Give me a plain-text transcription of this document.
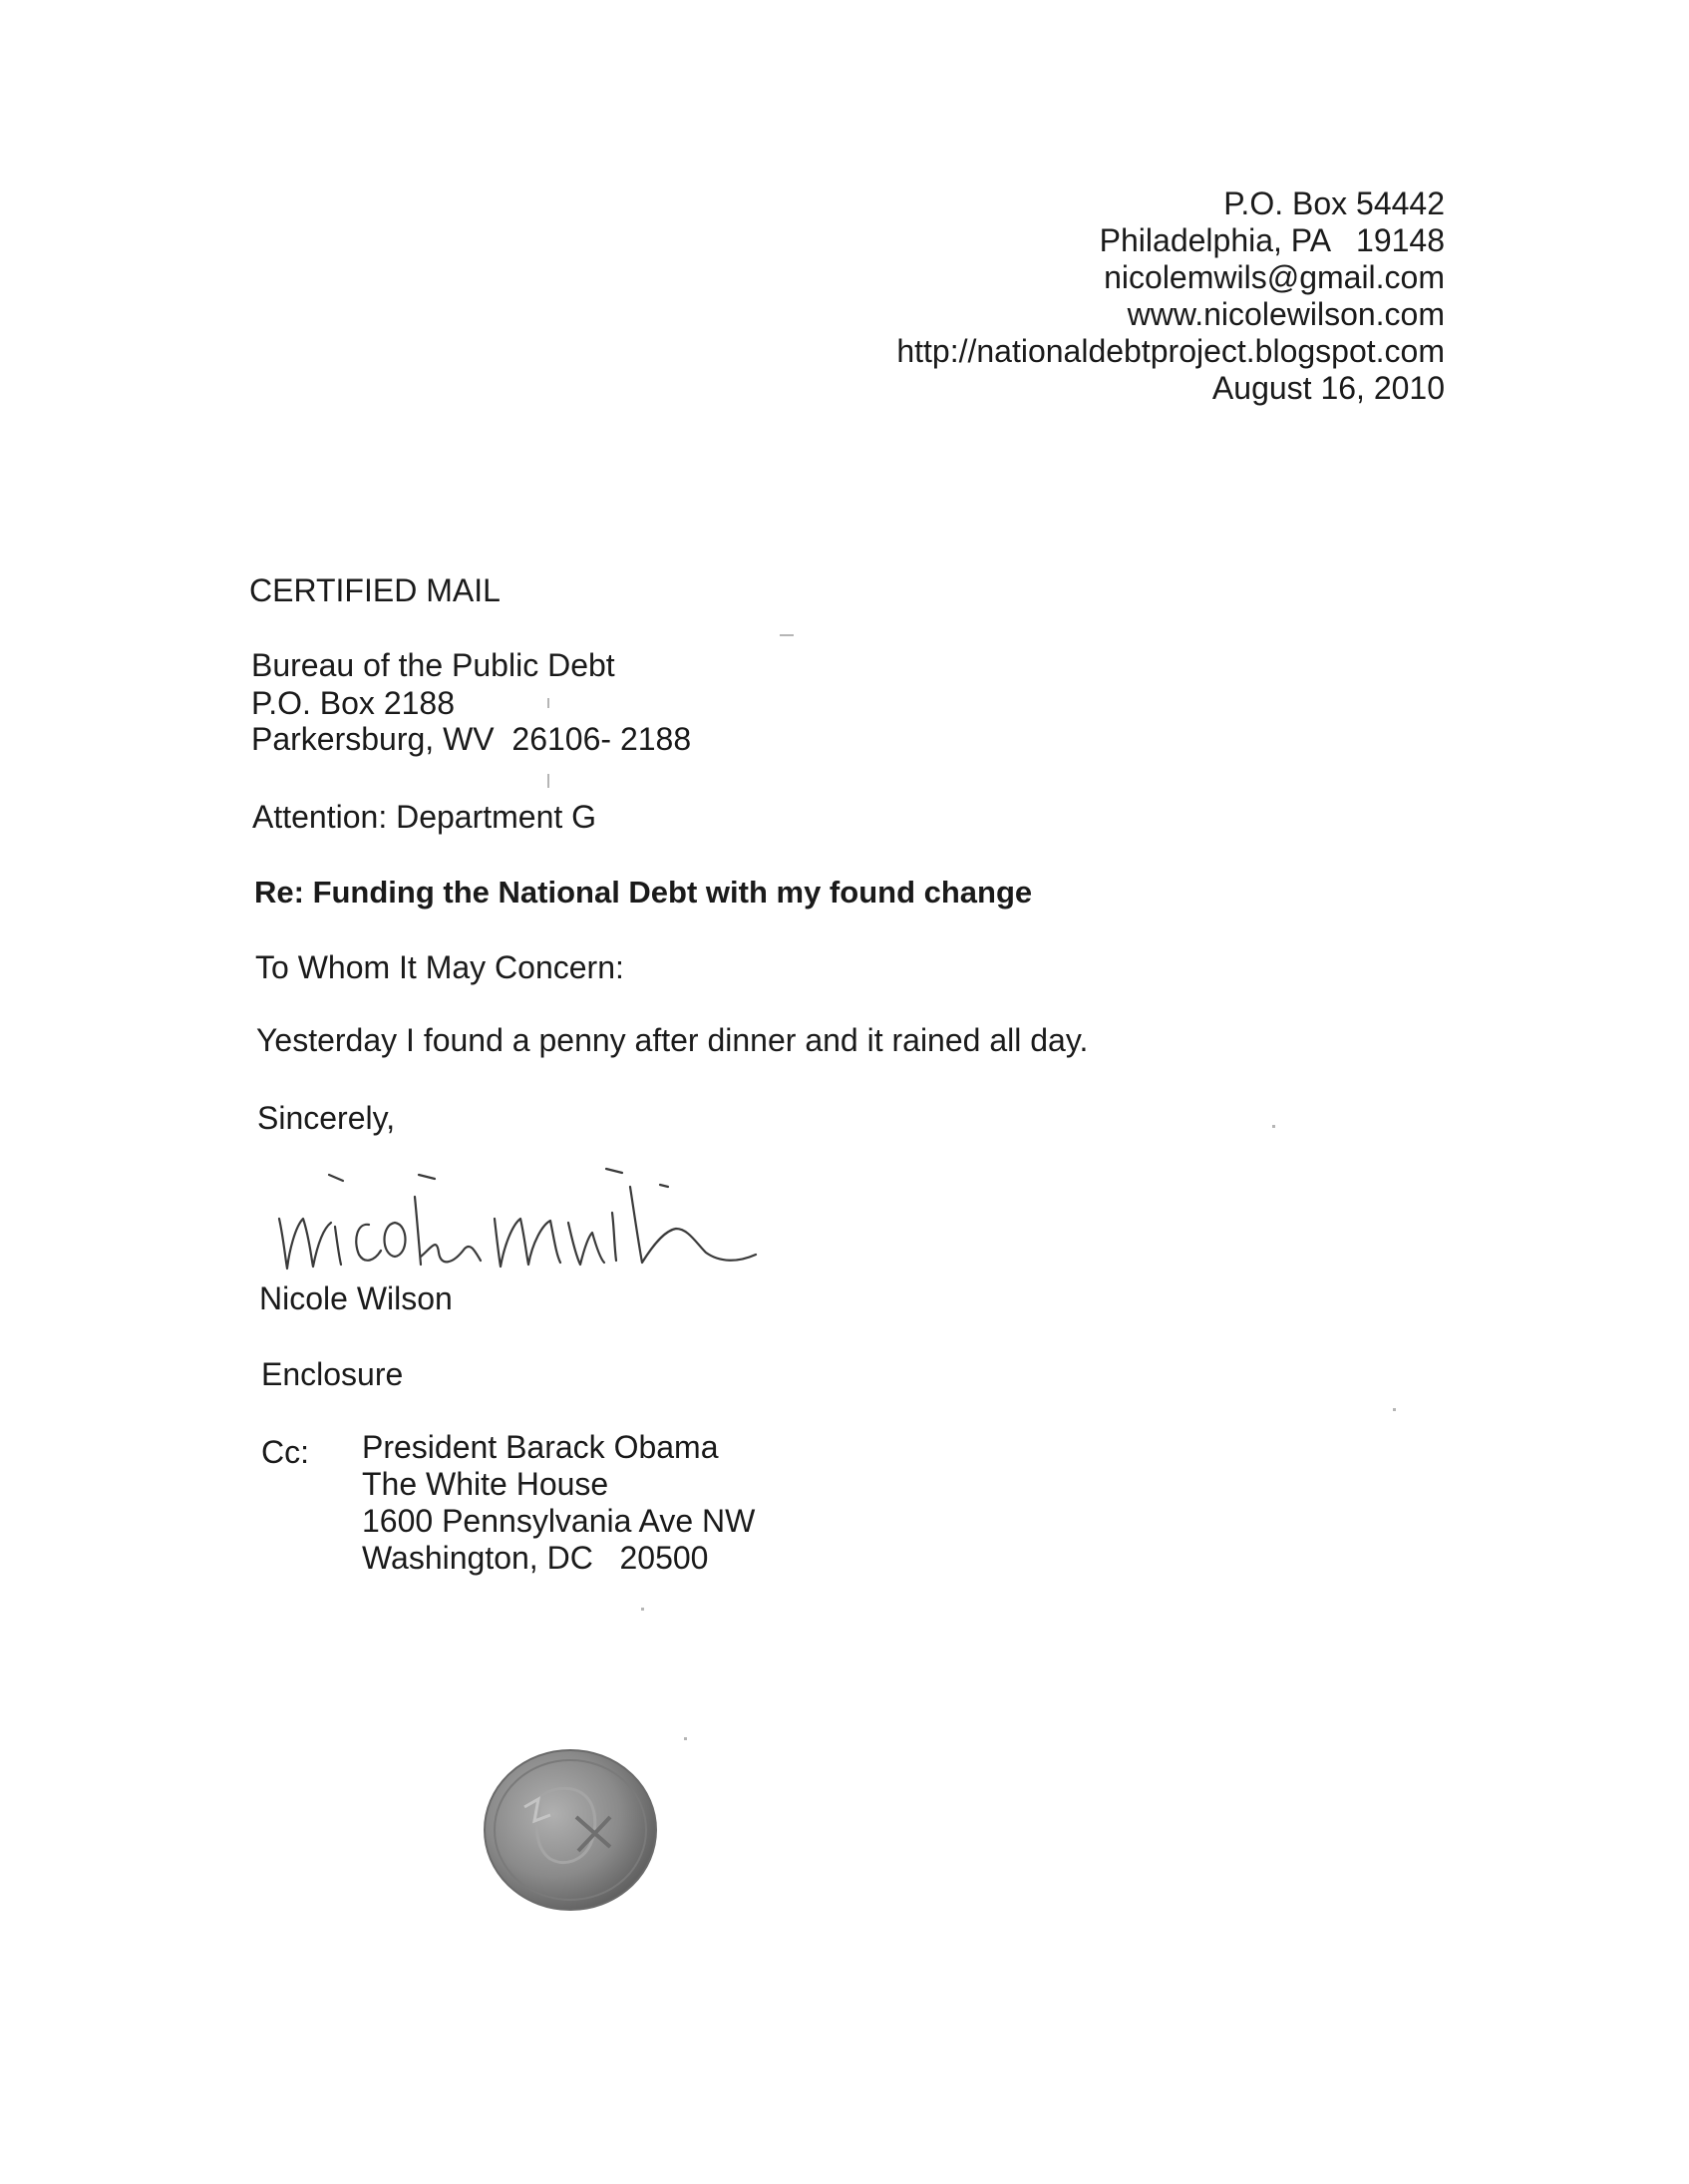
P.O. Box 54442
Philadelphia, PA   19148
nicolemwils@gmail.com
www.nicolewilson.com
http://nationaldebtproject.blogspot.com
August 16, 2010
CERTIFIED MAIL
Bureau of the Public Debt
P.O. Box 2188
Parkersburg, WV  26106- 2188
Attention: Department G
Re: Funding the National Debt with my found change
To Whom It May Concern:
Yesterday I found a penny after dinner and it rained all day.
Sincerely,
Nicole Wilson
Enclosure
Cc: President Barack Obama
The White House
1600 Pennsylvania Ave NW
Washington, DC   20500
